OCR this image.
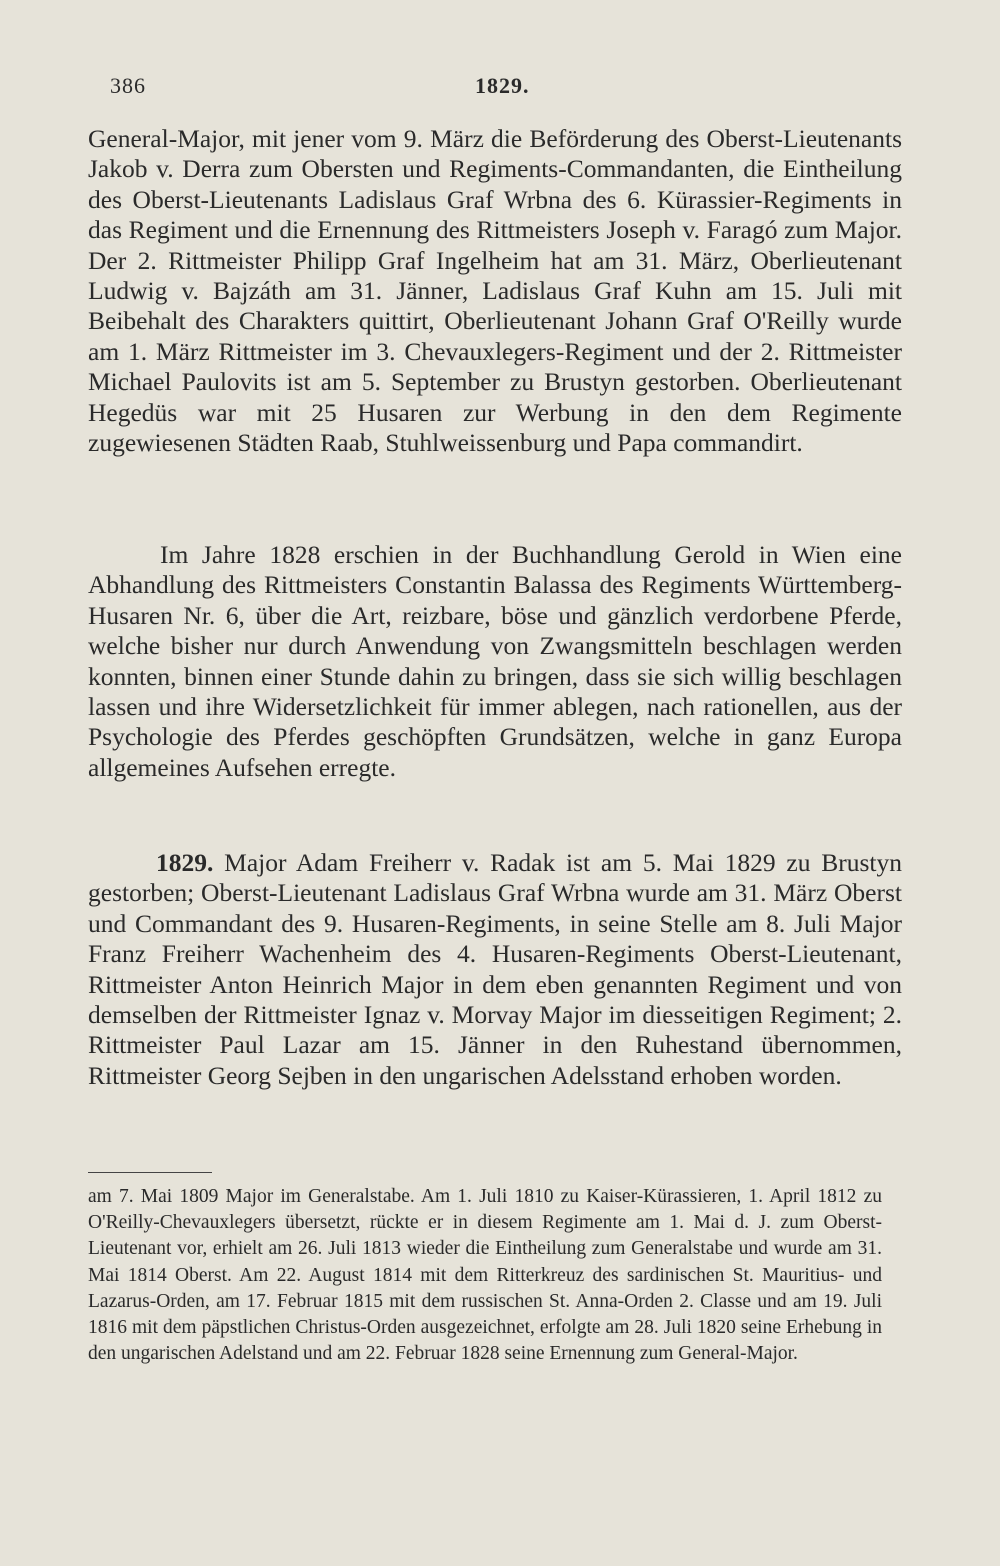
386	1829.

General-Major, mit jener vom 9. März die Beförderung des Oberst-Lieutenants Jakob v. Derra zum Obersten und Regiments-Commandanten, die Eintheilung des Oberst-Lieutenants Ladislaus Graf Wrbna des 6. Kürassier-Regiments in das Regiment und die Ernennung des Rittmeisters Joseph v. Faragó zum Major. Der 2. Rittmeister Philipp Graf Ingelheim hat am 31. März, Oberlieutenant Ludwig v. Bajzáth am 31. Jänner, Ladislaus Graf Kuhn am 15. Juli mit Beibehalt des Charakters quittirt, Oberlieutenant Johann Graf O'Reilly wurde am 1. März Rittmeister im 3. Chevauxlegers-Regiment und der 2. Rittmeister Michael Paulovits ist am 5. September zu Brustyn gestorben. Oberlieutenant Hegedüs war mit 25 Husaren zur Werbung in den dem Regimente zugewiesenen Städten Raab, Stuhlweissenburg und Papa commandirt.

Im Jahre 1828 erschien in der Buchhandlung Gerold in Wien eine Abhandlung des Rittmeisters Constantin Balassa des Regiments Württemberg-Husaren Nr. 6, über die Art, reizbare, böse und gänzlich verdorbene Pferde, welche bisher nur durch Anwendung von Zwangsmitteln beschlagen werden konnten, binnen einer Stunde dahin zu bringen, dass sie sich willig beschlagen lassen und ihre Widersetzlichkeit für immer ablegen, nach rationellen, aus der Psychologie des Pferdes geschöpften Grundsätzen, welche in ganz Europa allgemeines Aufsehen erregte.

1829. Major Adam Freiherr v. Radak ist am 5. Mai 1829 zu Brustyn gestorben; Oberst-Lieutenant Ladislaus Graf Wrbna wurde am 31. März Oberst und Commandant des 9. Husaren-Regiments, in seine Stelle am 8. Juli Major Franz Freiherr Wachenheim des 4. Husaren-Regiments Oberst-Lieutenant, Rittmeister Anton Heinrich Major in dem eben genannten Regiment und von demselben der Rittmeister Ignaz v. Morvay Major im diesseitigen Regiment; 2. Rittmeister Paul Lazar am 15. Jänner in den Ruhestand übernommen, Rittmeister Georg Sejben in den ungarischen Adelsstand erhoben worden.

am 7. Mai 1809 Major im Generalstabe. Am 1. Juli 1810 zu Kaiser-Kürassieren, 1. April 1812 zu O'Reilly-Chevauxlegers übersetzt, rückte er in diesem Regimente am 1. Mai d. J. zum Oberst-Lieutenant vor, erhielt am 26. Juli 1813 wieder die Eintheilung zum Generalstabe und wurde am 31. Mai 1814 Oberst. Am 22. August 1814 mit dem Ritterkreuz des sardinischen St. Mauritius- und Lazarus-Orden, am 17. Februar 1815 mit dem russischen St. Anna-Orden 2. Classe und am 19. Juli 1816 mit dem päpstlichen Christus-Orden ausgezeichnet, erfolgte am 28. Juli 1820 seine Erhebung in den ungarischen Adelstand und am 22. Februar 1828 seine Ernennung zum General-Major.
